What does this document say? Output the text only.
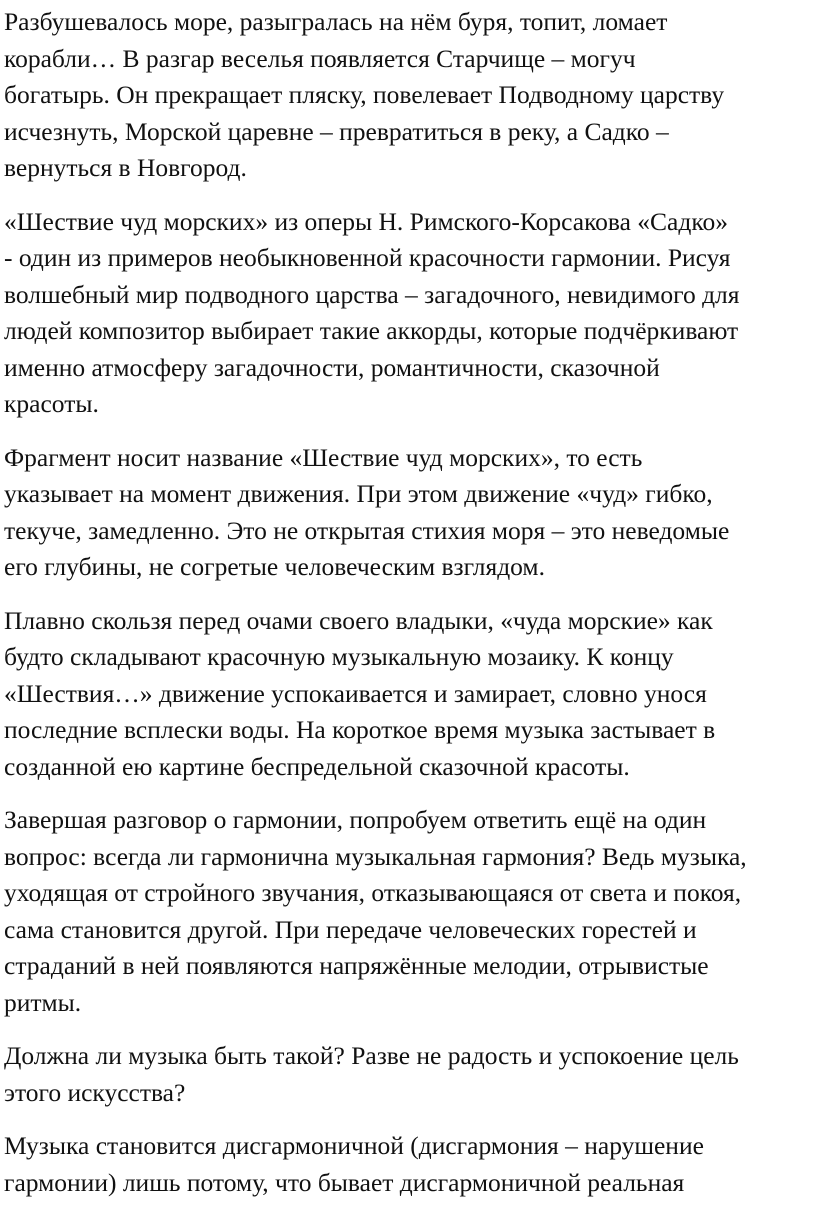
Разбушевалось море, разыгралась на нём буря, топит, ломает
корабли… В разгар веселья появляется Старчище – могуч
богатырь. Он прекращает пляску, повелевает Подводному царству
исчезнуть, Морской царевне – превратиться в реку, а Садко –
вернуться в Новгород.

«Шествие чуд морских» из оперы Н. Римского-Корсакова «Садко»
- один из примеров необыкновенной красочности гармонии. Рисуя
волшебный мир подводного царства – загадочного, невидимого для
людей композитор выбирает такие аккорды, которые подчёркивают
именно атмосферу загадочности, романтичности, сказочной
красоты.

Фрагмент носит название «Шествие чуд морских», то есть
указывает на момент движения. При этом движение «чуд» гибко,
текуче, замедленно. Это не открытая стихия моря – это неведомые
его глубины, не согретые человеческим взглядом.

Плавно скользя перед очами своего владыки, «чуда морские» как
будто складывают красочную музыкальную мозаику. К концу
«Шествия…» движение успокаивается и замирает, словно унося
последние всплески воды. На короткое время музыка застывает в
созданной ею картине беспредельной сказочной красоты.

Завершая разговор о гармонии, попробуем ответить ещё на один
вопрос: всегда ли гармонична музыкальная гармония? Ведь музыка,
уходящая от стройного звучания, отказывающаяся от света и покоя,
сама становится другой. При передаче человеческих горестей и
страданий в ней появляются напряжённые мелодии, отрывистые
ритмы.

Должна ли музыка быть такой? Разве не радость и успокоение цель
этого искусства?

Музыка становится дисгармоничной (дисгармония – нарушение
гармонии) лишь потому, что бывает дисгармоничной реальная
